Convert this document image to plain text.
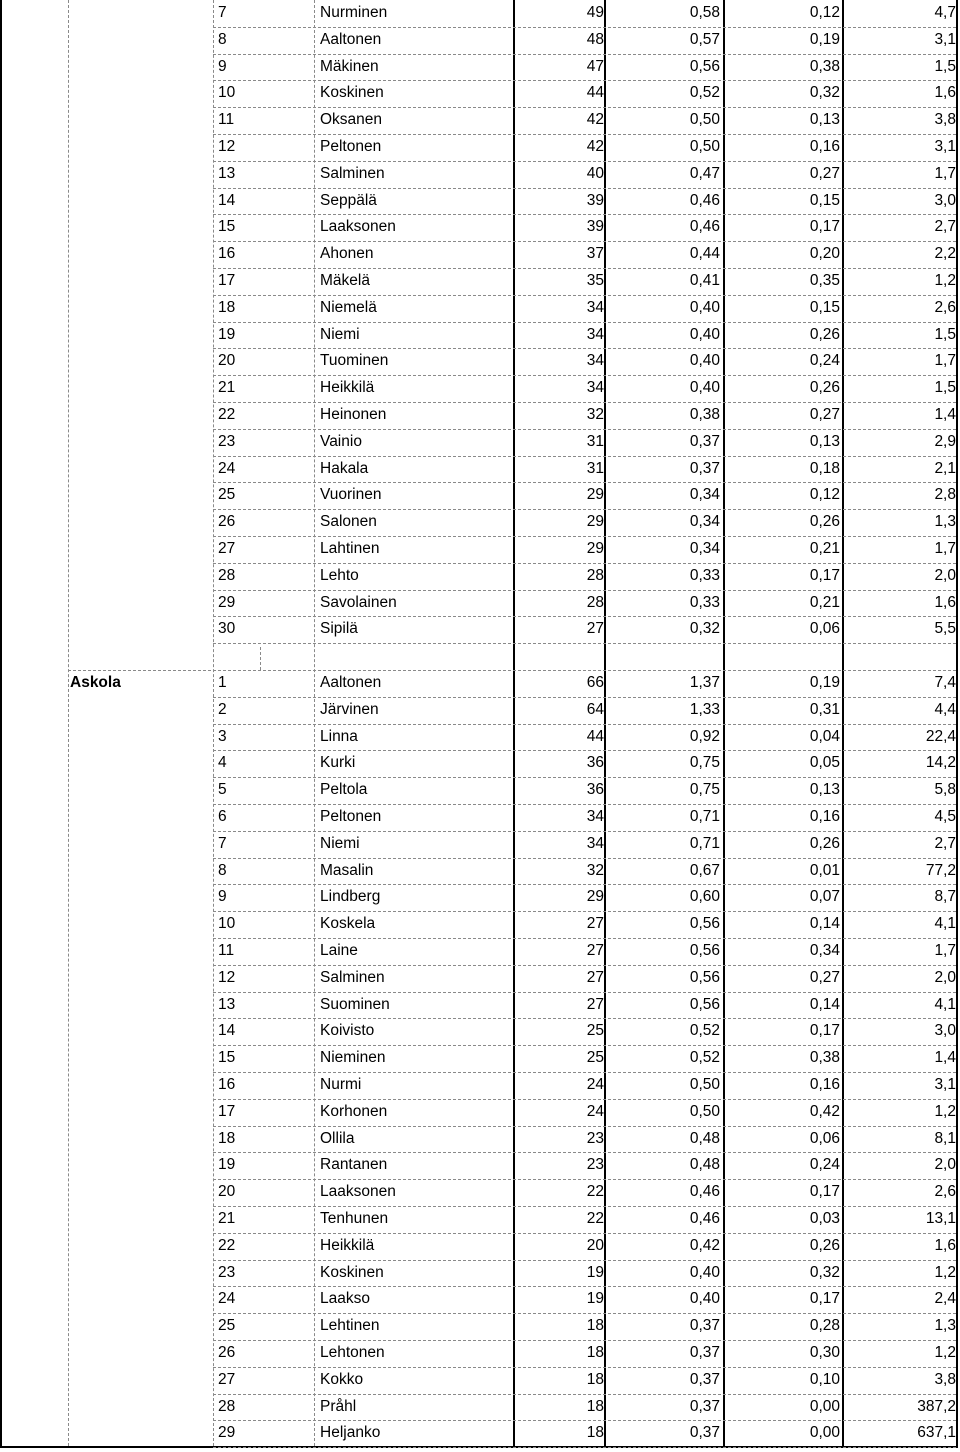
7	Nurminen	49	0,58	0,12	4,7
8	Aaltonen	48	0,57	0,19	3,1
9	Mäkinen	47	0,56	0,38	1,5
10	Koskinen	44	0,52	0,32	1,6
11	Oksanen	42	0,50	0,13	3,8
12	Peltonen	42	0,50	0,16	3,1
13	Salminen	40	0,47	0,27	1,7
14	Seppälä	39	0,46	0,15	3,0
15	Laaksonen	39	0,46	0,17	2,7
16	Ahonen	37	0,44	0,20	2,2
17	Mäkelä	35	0,41	0,35	1,2
18	Niemelä	34	0,40	0,15	2,6
19	Niemi	34	0,40	0,26	1,5
20	Tuominen	34	0,40	0,24	1,7
21	Heikkilä	34	0,40	0,26	1,5
22	Heinonen	32	0,38	0,27	1,4
23	Vainio	31	0,37	0,13	2,9
24	Hakala	31	0,37	0,18	2,1
25	Vuorinen	29	0,34	0,12	2,8
26	Salonen	29	0,34	0,26	1,3
27	Lahtinen	29	0,34	0,21	1,7
28	Lehto	28	0,33	0,17	2,0
29	Savolainen	28	0,33	0,21	1,6
30	Sipilä	27	0,32	0,06	5,5
Askola	1	Aaltonen	66	1,37	0,19	7,4
2	Järvinen	64	1,33	0,31	4,4
3	Linna	44	0,92	0,04	22,4
4	Kurki	36	0,75	0,05	14,2
5	Peltola	36	0,75	0,13	5,8
6	Peltonen	34	0,71	0,16	4,5
7	Niemi	34	0,71	0,26	2,7
8	Masalin	32	0,67	0,01	77,2
9	Lindberg	29	0,60	0,07	8,7
10	Koskela	27	0,56	0,14	4,1
11	Laine	27	0,56	0,34	1,7
12	Salminen	27	0,56	0,27	2,0
13	Suominen	27	0,56	0,14	4,1
14	Koivisto	25	0,52	0,17	3,0
15	Nieminen	25	0,52	0,38	1,4
16	Nurmi	24	0,50	0,16	3,1
17	Korhonen	24	0,50	0,42	1,2
18	Ollila	23	0,48	0,06	8,1
19	Rantanen	23	0,48	0,24	2,0
20	Laaksonen	22	0,46	0,17	2,6
21	Tenhunen	22	0,46	0,03	13,1
22	Heikkilä	20	0,42	0,26	1,6
23	Koskinen	19	0,40	0,32	1,2
24	Laakso	19	0,40	0,17	2,4
25	Lehtinen	18	0,37	0,28	1,3
26	Lehtonen	18	0,37	0,30	1,2
27	Kokko	18	0,37	0,10	3,8
28	Pråhl	18	0,37	0,00	387,2
29	Heljanko	18	0,37	0,00	637,1
